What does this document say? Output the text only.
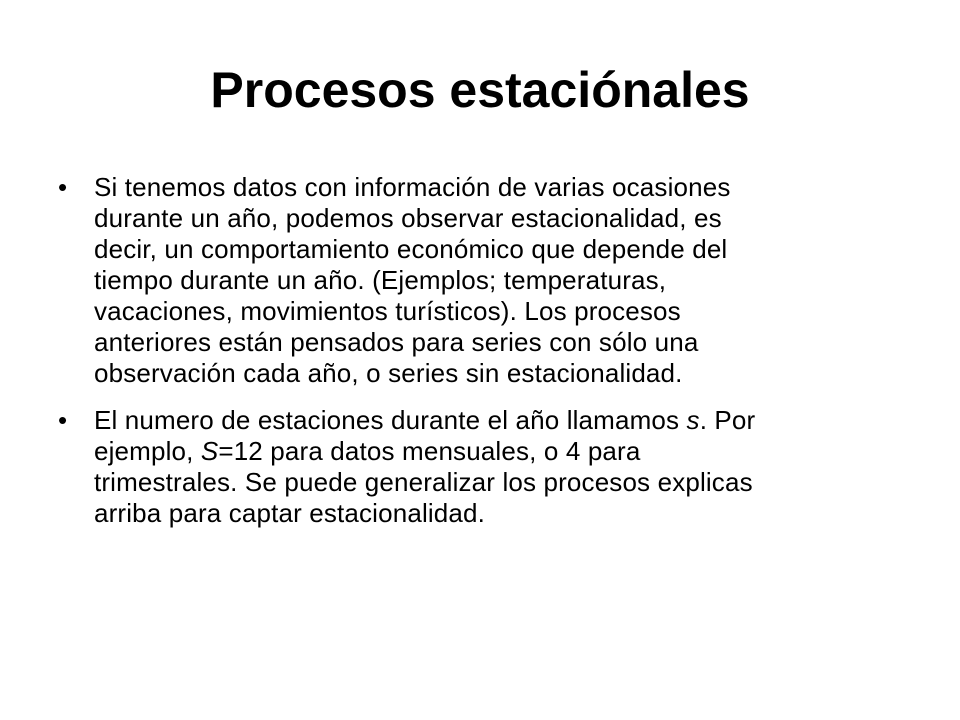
Procesos estaciónales
•	Si tenemos datos con información de varias ocasiones
durante un año, podemos observar estacionalidad, es
decir, un comportamiento económico que depende del
tiempo durante un año. (Ejemplos; temperaturas,
vacaciones, movimientos turísticos). Los procesos
anteriores están pensados para series con sólo una
observación cada año, o series sin estacionalidad.
•	El numero de estaciones durante el año llamamos s. Por
ejemplo, S=12 para datos mensuales, o 4 para
trimestrales. Se puede generalizar los procesos explicas
arriba para captar estacionalidad.
